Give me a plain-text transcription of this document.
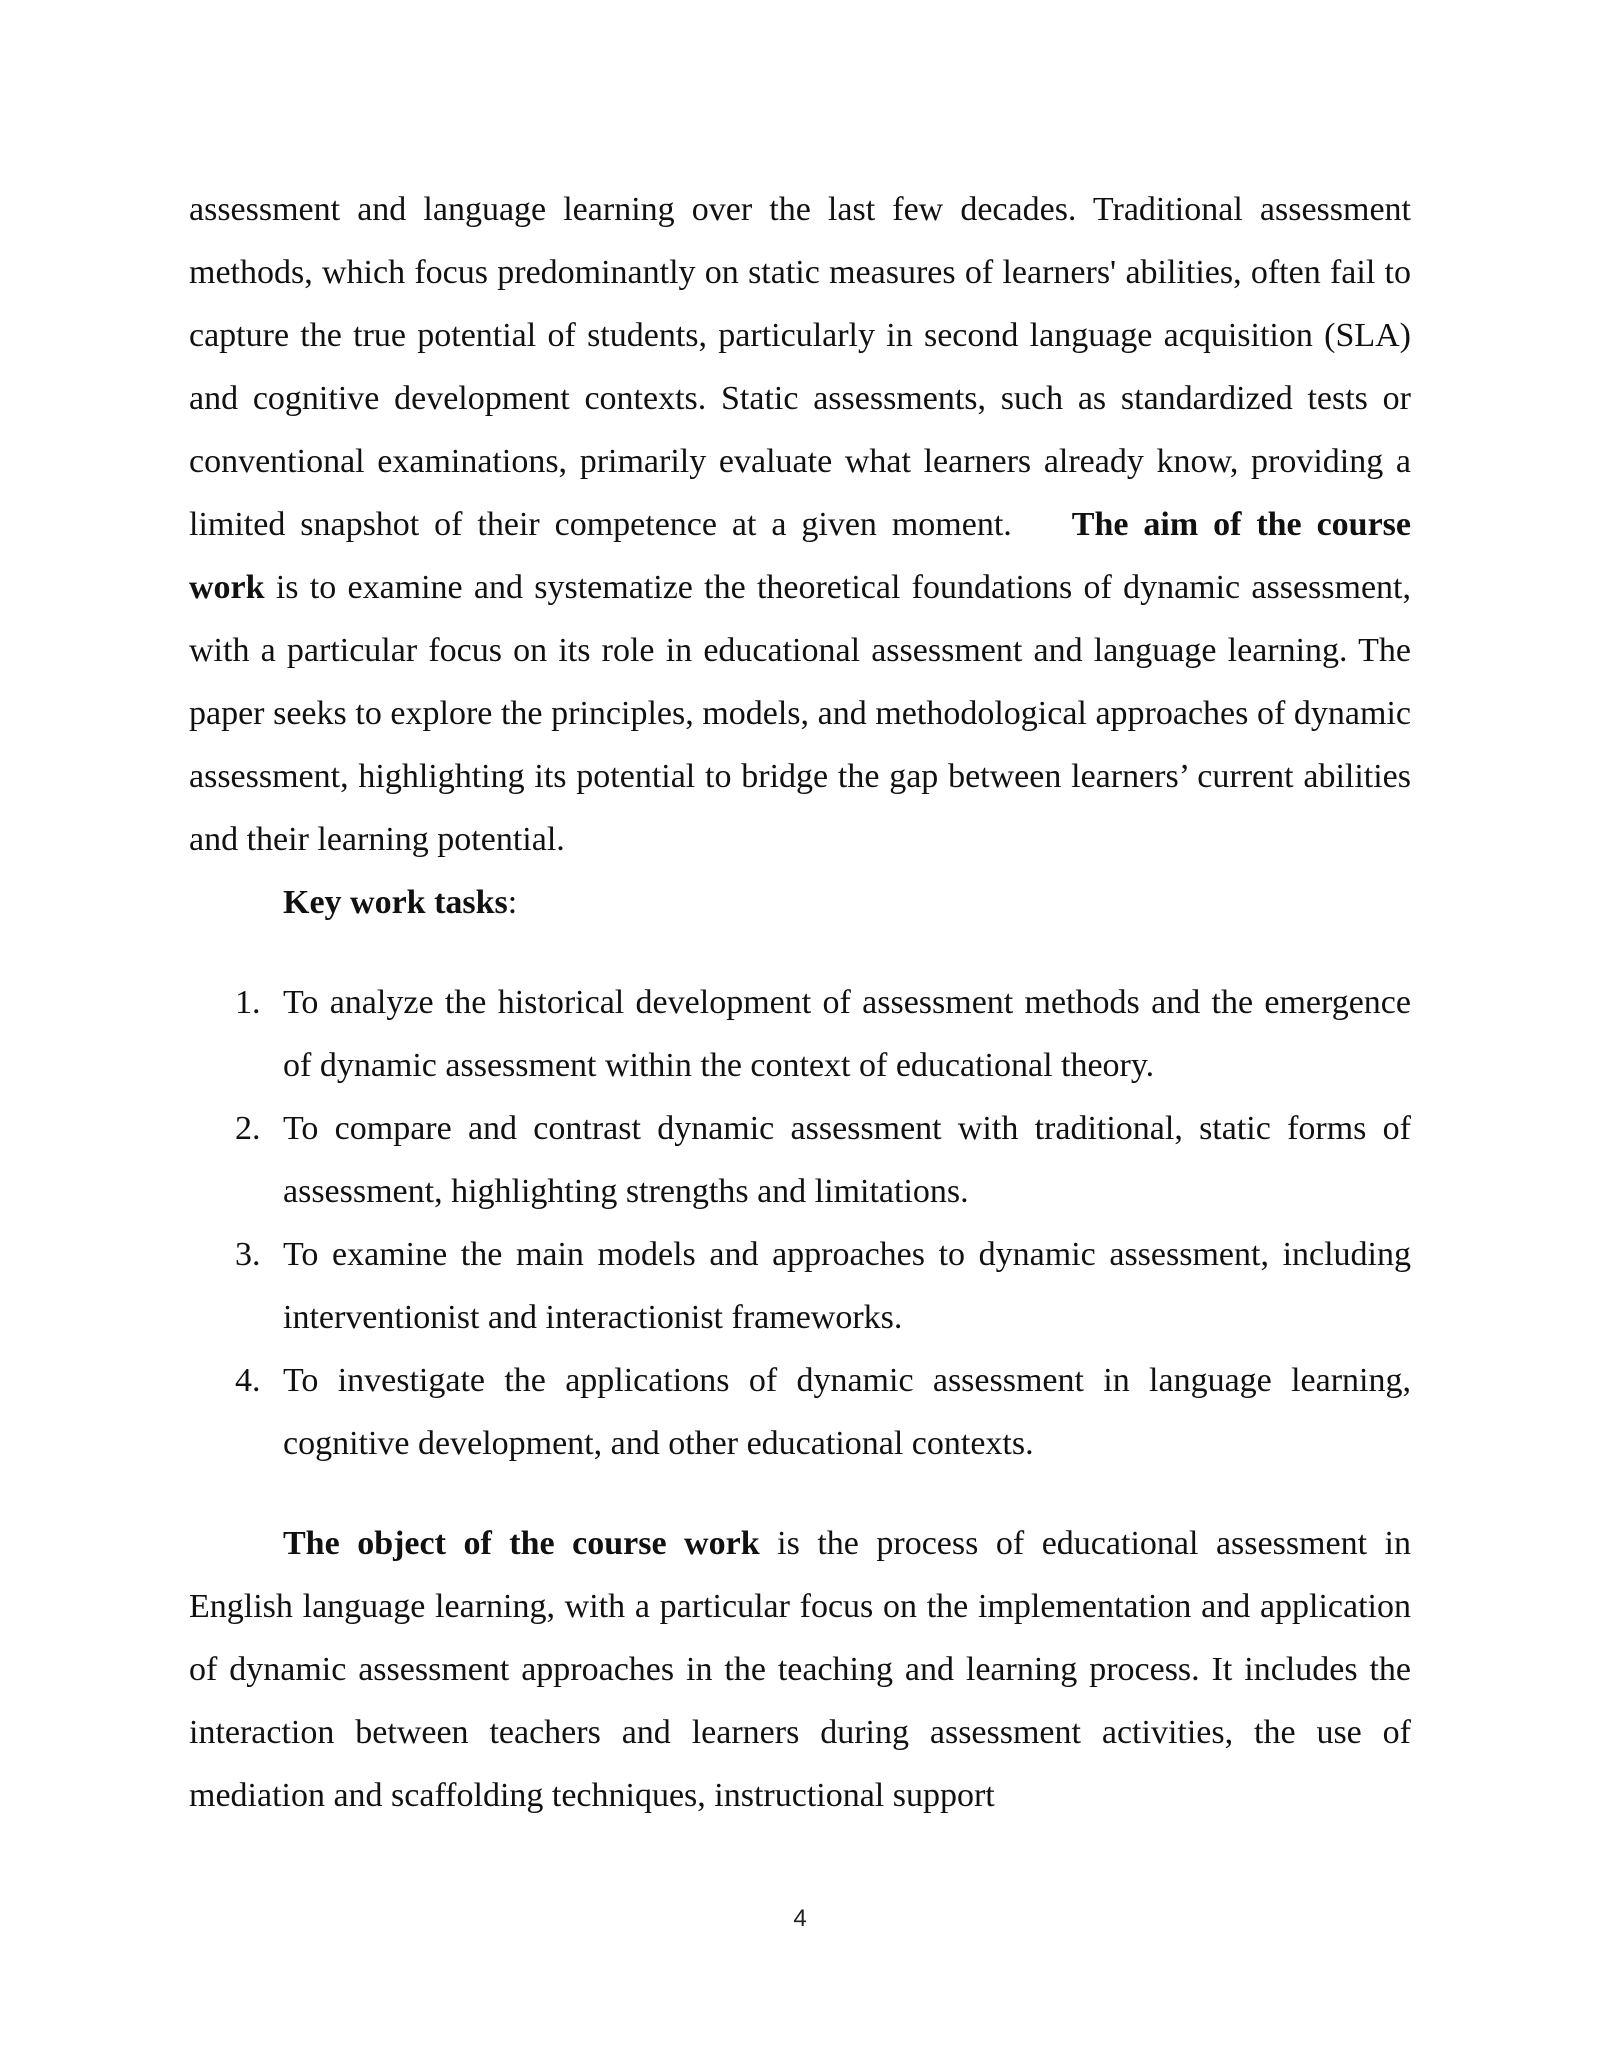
assessment and language learning over the last few decades. Traditional assessment methods, which focus predominantly on static measures of learners' abilities, often fail to capture the true potential of students, particularly in second language acquisition (SLA) and cognitive development contexts. Static assessments, such as standardized tests or conventional examinations, primarily evaluate what learners already know, providing a limited snapshot of their competence at a given moment. The aim of the course work is to examine and systematize the theoretical foundations of dynamic assessment, with a particular focus on its role in educational assessment and language learning. The paper seeks to explore the principles, models, and methodological approaches of dynamic assessment, highlighting its potential to bridge the gap between learners’ current abilities and their learning potential.

Key work tasks:

1. To analyze the historical development of assessment methods and the emergence of dynamic assessment within the context of educational theory.
2. To compare and contrast dynamic assessment with traditional, static forms of assessment, highlighting strengths and limitations.
3. To examine the main models and approaches to dynamic assessment, including interventionist and interactionist frameworks.
4. To investigate the applications of dynamic assessment in language learning, cognitive development, and other educational contexts.

The object of the course work is the process of educational assessment in English language learning, with a particular focus on the implementation and application of dynamic assessment approaches in the teaching and learning process. It includes the interaction between teachers and learners during assessment activities, the use of mediation and scaffolding techniques, instructional support

4
